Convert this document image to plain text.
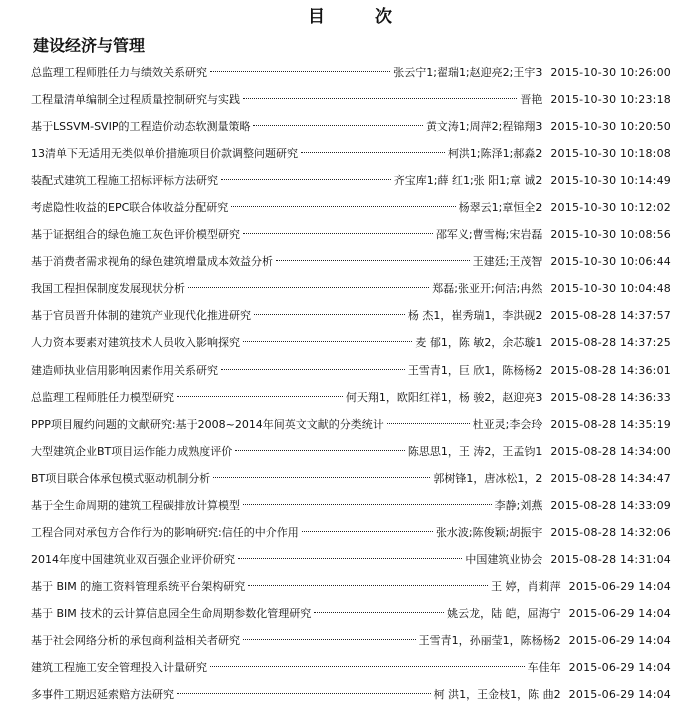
目 次
建设经济与管理
总监理工程师胜任力与绩效关系研究	张云宁1;翟瑞1;赵迎亮2;王宇3 2015-10-30 10:26:00
工程量清单编制全过程质量控制研究与实践	晋艳 2015-10-30 10:23:18
基于LSSVM-SVIP的工程造价动态软测量策略	黄文涛1;周萍2;程锦翔3 2015-10-30 10:20:50
13清单下无适用无类似单价措施项目价款调整问题研究	柯洪1;陈泽1;郝淼2 2015-10-30 10:18:08
装配式建筑工程施工招标评标方法研究	齐宝库1;薛 红1;张 阳1;章 诚2 2015-10-30 10:14:49
考虑隐性收益的EPC联合体收益分配研究	杨翠云1;章恒全2 2015-10-30 10:12:02
基于证据组合的绿色施工灰色评价模型研究	邵军义;曹雪梅;宋岩磊 2015-10-30 10:08:56
基于消费者需求视角的绿色建筑增量成本效益分析	王建廷;王茂智 2015-10-30 10:06:44
我国工程担保制度发展现状分析	郑磊;张亚开;何洁;冉然 2015-10-30 10:04:48
基于官员晋升体制的建筑产业现代化推进研究	杨 杰1，崔秀瑞1，李洪砚2 2015-08-28 14:37:57
人力资本要素对建筑技术人员收入影响探究	麦 郁1，陈 敏2，余芯璇1 2015-08-28 14:37:25
建造师执业信用影响因素作用关系研究	王雪青1，巨 欣1，陈杨杨2 2015-08-28 14:36:01
总监理工程师胜任力模型研究	何天翔1，欧阳红祥1，杨 骏2，赵迎亮3 2015-08-28 14:36:33
PPP项目履约问题的文献研究:基于2008~2014年间英文文献的分类统计	杜亚灵;李会玲 2015-08-28 14:35:19
大型建筑企业BT项目运作能力成熟度评价	陈思思1，王 涛2，王孟钧1 2015-08-28 14:34:00
BT项目联合体承包模式驱动机制分析	郭树锋1，唐冰松1，2 2015-08-28 14:34:47
基于全生命周期的建筑工程碳排放计算模型	李静;刘燕 2015-08-28 14:33:09
工程合同对承包方合作行为的影响研究:信任的中介作用	张水波;陈俊颖;胡振宇 2015-08-28 14:32:06
2014年度中国建筑业双百强企业评价研究	中国建筑业协会 2015-08-28 14:31:04
基于 BIM 的施工资料管理系统平台架构研究	王 婷，肖莉萍 2015-06-29 14:04
基于 BIM 技术的云计算信息园全生命周期参数化管理研究	姚云龙，陆 皑，屈海宁 2015-06-29 14:04
基于社会网络分析的承包商利益相关者研究	王雪青1，孙丽莹1，陈杨杨2 2015-06-29 14:04
建筑工程施工安全管理投入计量研究	车佳年 2015-06-29 14:04
多事件工期迟延索赔方法研究	柯 洪1，王金枝1，陈 曲2 2015-06-29 14:04
